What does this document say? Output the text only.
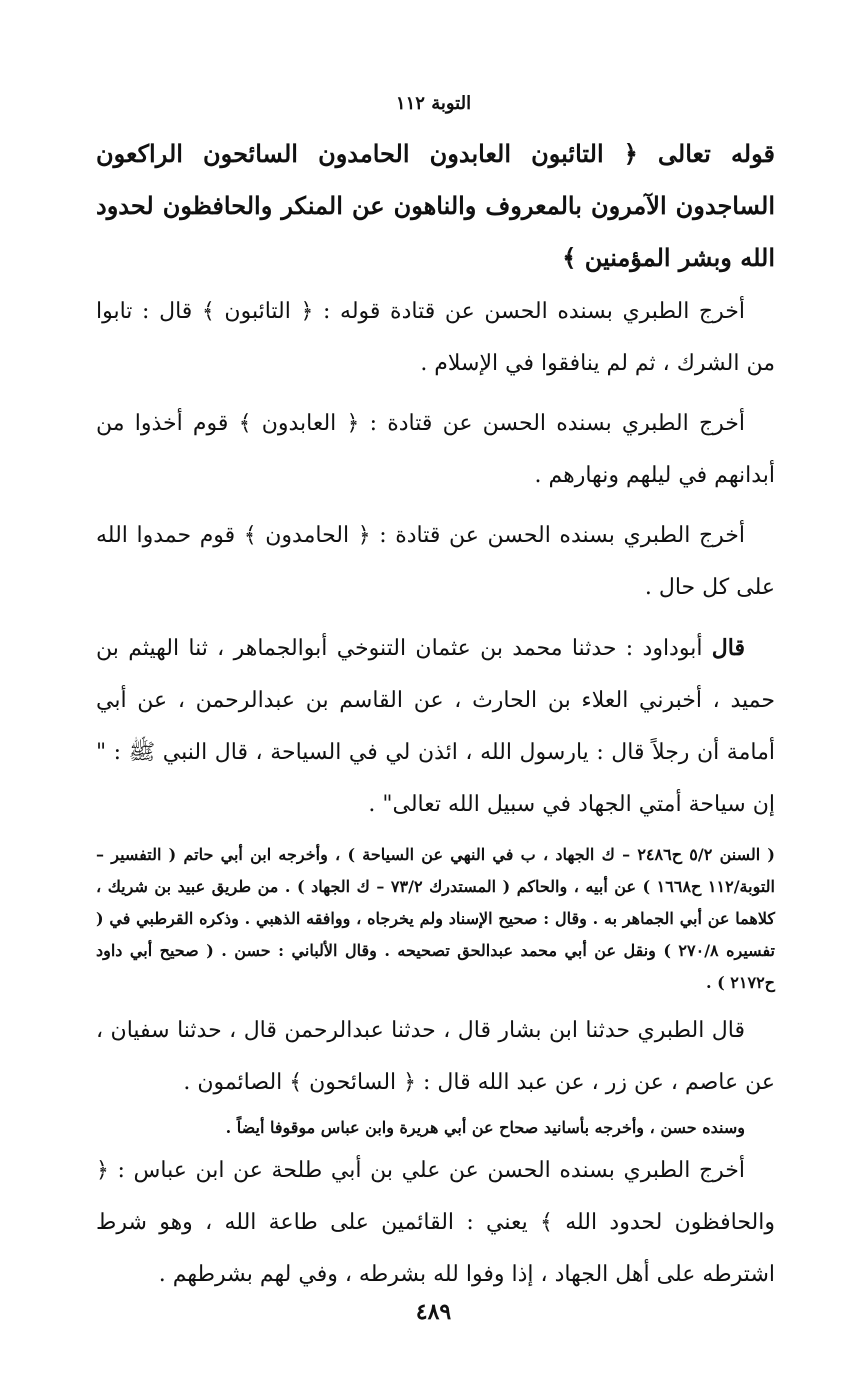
التوبة ١١٢

قوله تعالى ﴿ التائبون العابدون الحامدون السائحون الراكعون الساجدون الآمرون بالمعروف والناهون عن المنكر والحافظون لحدود الله وبشر المؤمنين ﴾

أخرج الطبري بسنده الحسن عن قتادة قوله : ﴿ التائبون ﴾ قال : تابوا من الشرك ، ثم لم ينافقوا في الإسلام .

أخرج الطبري بسنده الحسن عن قتادة : ﴿ العابدون ﴾ قوم أخذوا من أبدانهم في ليلهم ونهارهم .

أخرج الطبري بسنده الحسن عن قتادة : ﴿ الحامدون ﴾ قوم حمدوا الله على كل حال .

قال أبوداود : حدثنا محمد بن عثمان التنوخي أبوالجماهر ، ثنا الهيثم بن حميد ، أخبرني العلاء بن الحارث ، عن القاسم بن عبدالرحمن ، عن أبي أمامة أن رجلاً قال : يارسول الله ، ائذن لي في السياحة ، قال النبي ﷺ : " إن سياحة أمتي الجهاد في سبيل الله تعالى" .

( السنن ٥/٢ ح٢٤٨٦ – ك الجهاد ، ب في النهي عن السياحة ) ، وأخرجه ابن أبي حاتم ( التفسير – التوبة/١١٢ ح١٦٦٨ ) عن أبيه ، والحاكم ( المستدرك ٧٣/٢ – ك الجهاد ) . من طريق عبيد بن شريك ، كلاهما عن أبي الجماهر به . وقال : صحيح الإسناد ولم يخرجاه ، ووافقه الذهبي . وذكره القرطبي في ( تفسيره ٢٧٠/٨ ) ونقل عن أبي محمد عبدالحق تصحيحه . وقال الألباني : حسن . ( صحيح أبي داود ح٢١٧٢ ) .

قال الطبري حدثنا ابن بشار قال ، حدثنا عبدالرحمن قال ، حدثنا سفيان ، عن عاصم ، عن زر ، عن عبد الله قال : ﴿ السائحون ﴾ الصائمون .

وسنده حسن ، وأخرجه بأسانيد صحاح عن أبي هريرة وابن عباس موقوفا أيضاً .

أخرج الطبري بسنده الحسن عن علي بن أبي طلحة عن ابن عباس : ﴿ والحافظون لحدود الله ﴾ يعني : القائمين على طاعة الله ، وهو شرط اشترطه على أهل الجهاد ، إذا وفوا لله بشرطه ، وفي لهم بشرطهم .

٤٨٩
